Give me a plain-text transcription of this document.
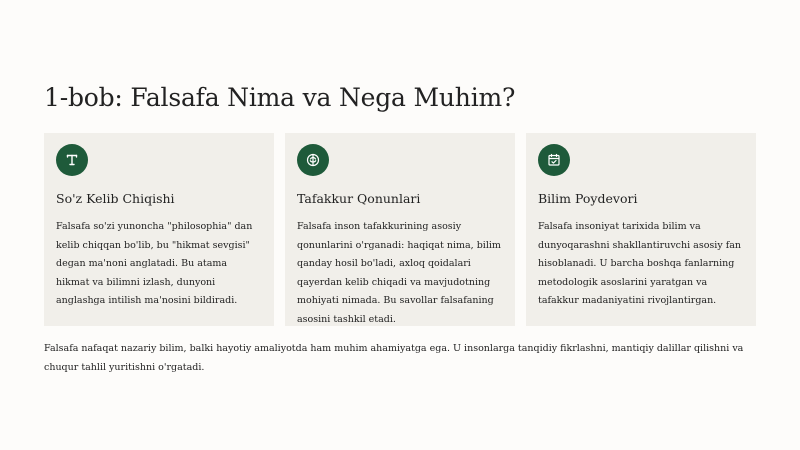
1-bob: Falsafa Nima va Nega Muhim?
So'z Kelib Chiqishi

Falsafa so'zi yunoncha "philosophia" dan kelib chiqqan bo'lib, bu "hikmat sevgisi" degan ma'noni anglatadi. Bu atama hikmat va bilimni izlash, dunyoni anglashga intilish ma'nosini bildiradi.

Tafakkur Qonunlari

Falsafa inson tafakkurining asosiy qonunlarini o'rganadi: haqiqat nima, bilim qanday hosil bo'ladi, axloq qoidalari qayerdan kelib chiqadi va mavjudotning mohiyati nimada. Bu savollar falsafaning asosini tashkil etadi.

Bilim Poydevori

Falsafa insoniyat tarixida bilim va dunyoqarashni shakllantiruvchi asosiy fan hisoblanadi. U barcha boshqa fanlarning metodologik asoslarini yaratgan va tafakkur madaniyatini rivojlantirgan.

Falsafa nafaqat nazariy bilim, balki hayotiy amaliyotda ham muhim ahamiyatga ega. U insonlarga tanqidiy fikrlashni, mantiqiy dalillar qilishni va chuqur tahlil yuritishni o'rgatadi.
